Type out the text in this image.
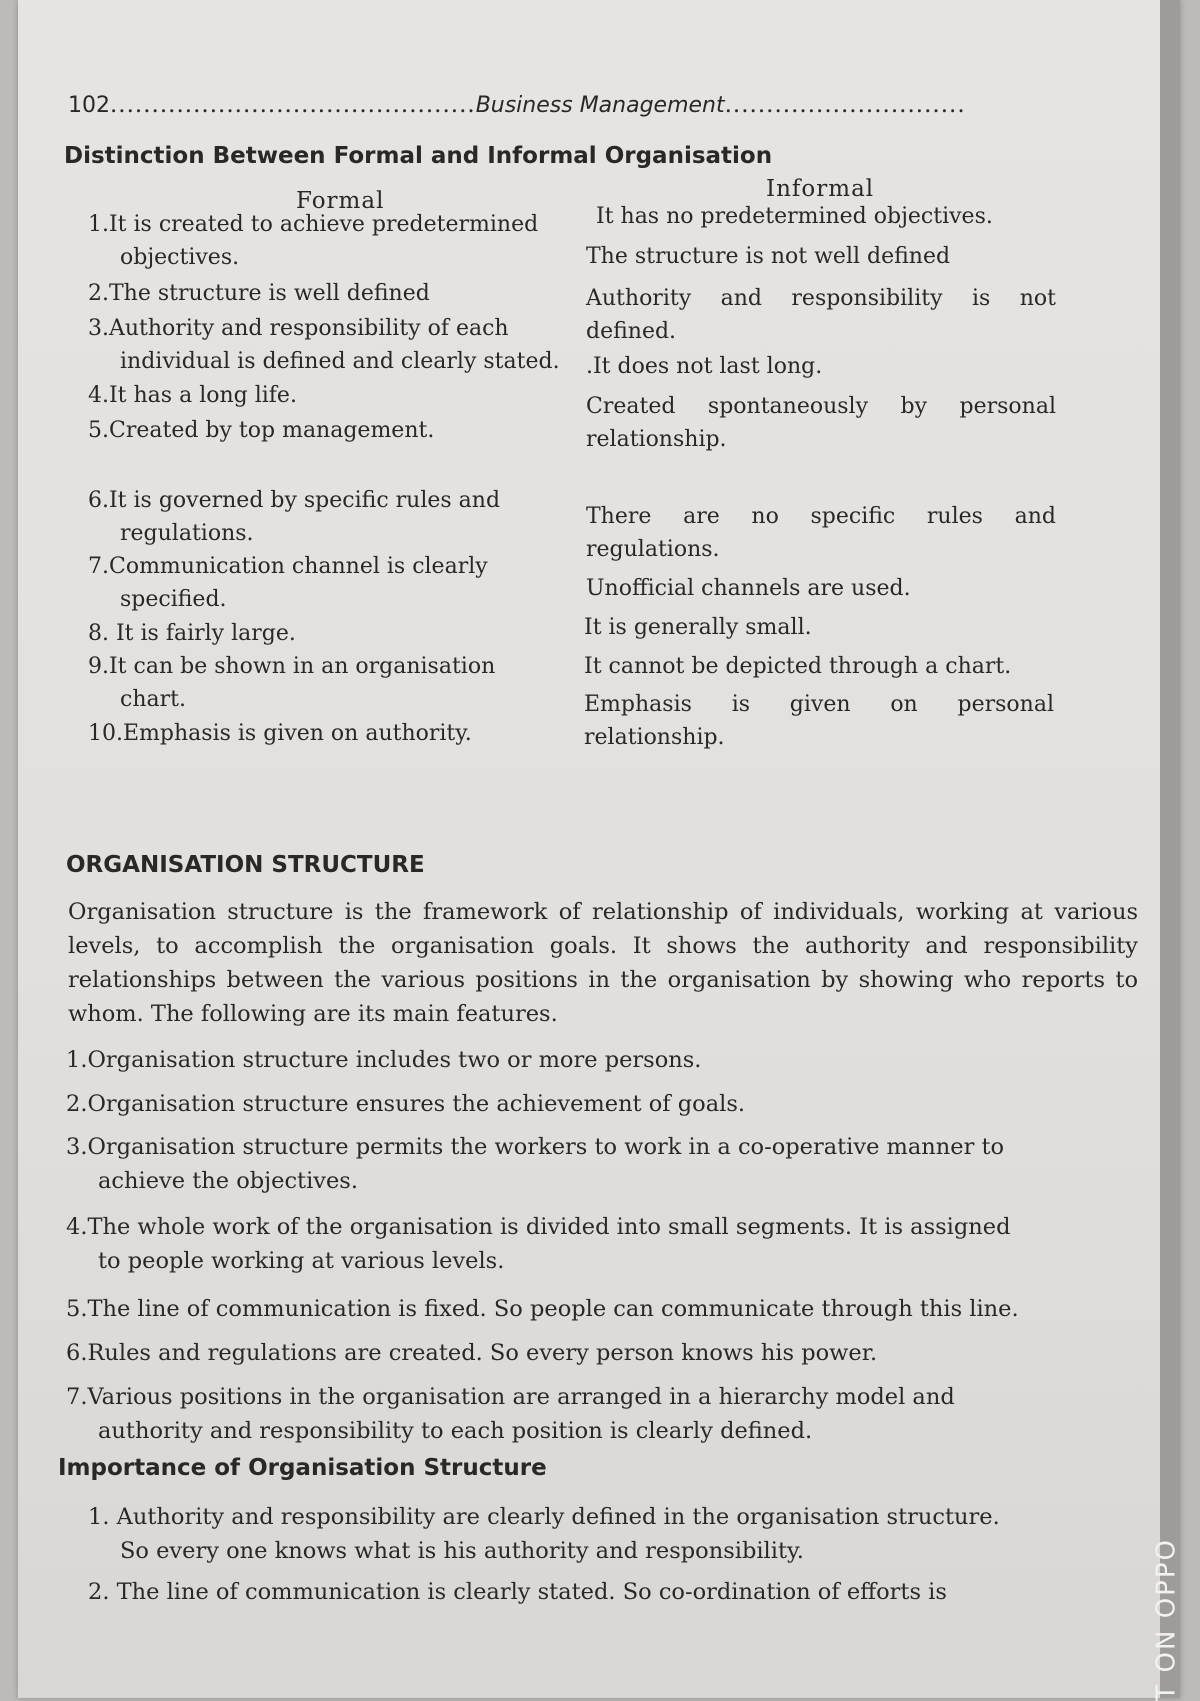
102............................................Business Management.............................
Distinction Between Formal and Informal Organisation
Formal	Informal
1.It is created to achieve predetermined
objectives.
2.The structure is well defined
3.Authority and responsibility of each
individual is defined and clearly stated.
4.It has a long life.
5.Created by top management.
6.It is governed by specific rules and
regulations.
7.Communication channel is clearly
specified.
8. It is fairly large.
9.It can be shown in an organisation
chart.
10.Emphasis is given on authority.
It has no predetermined objectives.
The structure is not well defined
Authority and responsibility is not
defined.
.It does not last long.
Created spontaneously by personal
relationship.
There are no specific rules and
regulations.
Unofficial channels are used.
It is generally small.
It cannot be depicted through a chart.
Emphasis is given on personal
relationship.
ORGANISATION STRUCTURE
Organisation structure is the framework of relationship of individuals, working at various levels, to accomplish the organisation goals. It shows the authority and responsibility relationships between the various positions in the organisation by showing who reports to whom. The following are its main features.
1.Organisation structure includes two or more persons.
2.Organisation structure ensures the achievement of goals.
3.Organisation structure permits the workers to work in a co-operative manner to
achieve the objectives.
4.The whole work of the organisation is divided into small segments. It is assigned
to people working at various levels.
5.The line of communication is fixed. So people can communicate through this line.
6.Rules and regulations are created. So every person knows his power.
7.Various positions in the organisation are arranged in a hierarchy model and
authority and responsibility to each position is clearly defined.
Importance of Organisation Structure
1. Authority and responsibility are clearly defined in the organisation structure.
So every one knows what is his authority and responsibility.
2. The line of communication is clearly stated. So co-ordination of efforts is	T ON OPPO
